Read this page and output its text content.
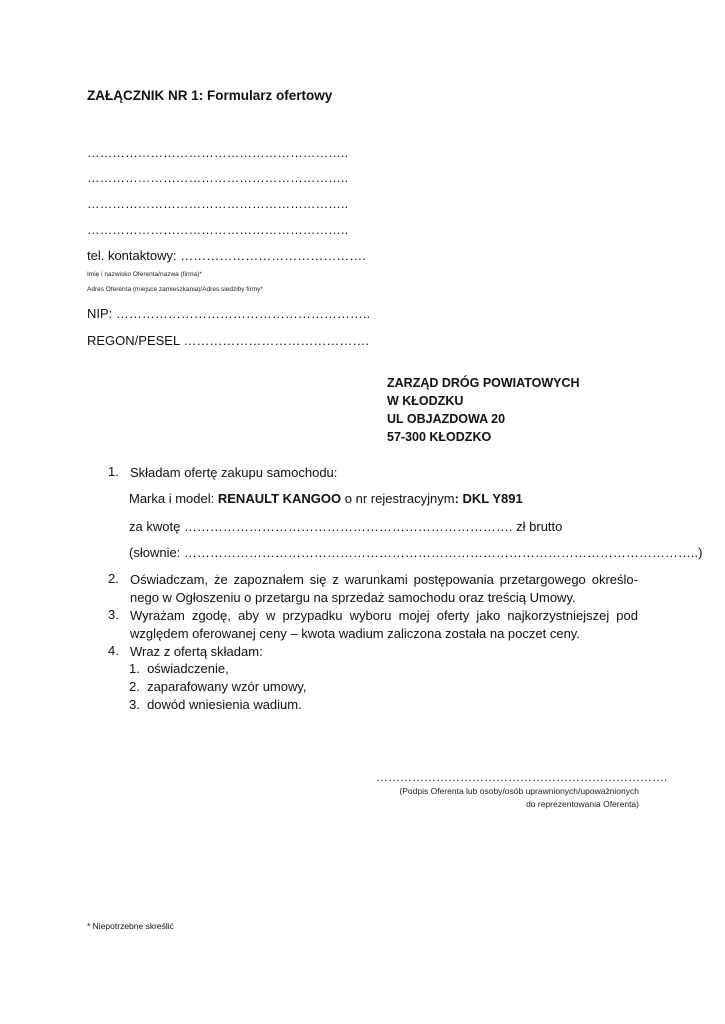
ZAŁĄCZNIK NR 1: Formularz ofertowy
……………………………………………………..
……………………………………………………..
……………………………………………………..
……………………………………………………..
tel. kontaktowy: …………………………………….
Imię i nazwisko Oferenta/nazwa (firma)*
Adres Oferenta (miejsce zamieszkania)/Adres siedziby firmy*
NIP: …………………………………………………..
REGON/PESEL …………………………………….
ZARZĄD DRÓG POWIATOWYCH
W KŁODZKU
UL OBJAZDOWA 20
57-300 KŁODZKO
1. Składam ofertę zakupu samochodu:
Marka i model: RENAULT KANGOO o nr rejestracyjnym: DKL Y891
za kwotę …………………………………………………………………. zł brutto
(słownie: ………………………………………………………………………………………………………..)
2. Oświadczam, że zapoznałem się z warunkami postępowania przetargowego określo-nego w Ogłoszeniu o przetargu na sprzedaż samochodu oraz treścią Umowy.
3. Wyrażam zgodę, aby w przypadku wyboru mojej oferty jako najkorzystniejszej pod względem oferowanej ceny – kwota wadium zaliczona została na poczet ceny.
4. Wraz z ofertą składam:
1. oświadczenie,
2. zaparafowany wzór umowy,
3. dowód wniesienia wadium.
……………………………………………………………….
(Podpis Oferenta lub osoby/osób uprawnionych/upoważnionych
do reprezentowania Oferenta)
* Niepotrzebne skreślić
